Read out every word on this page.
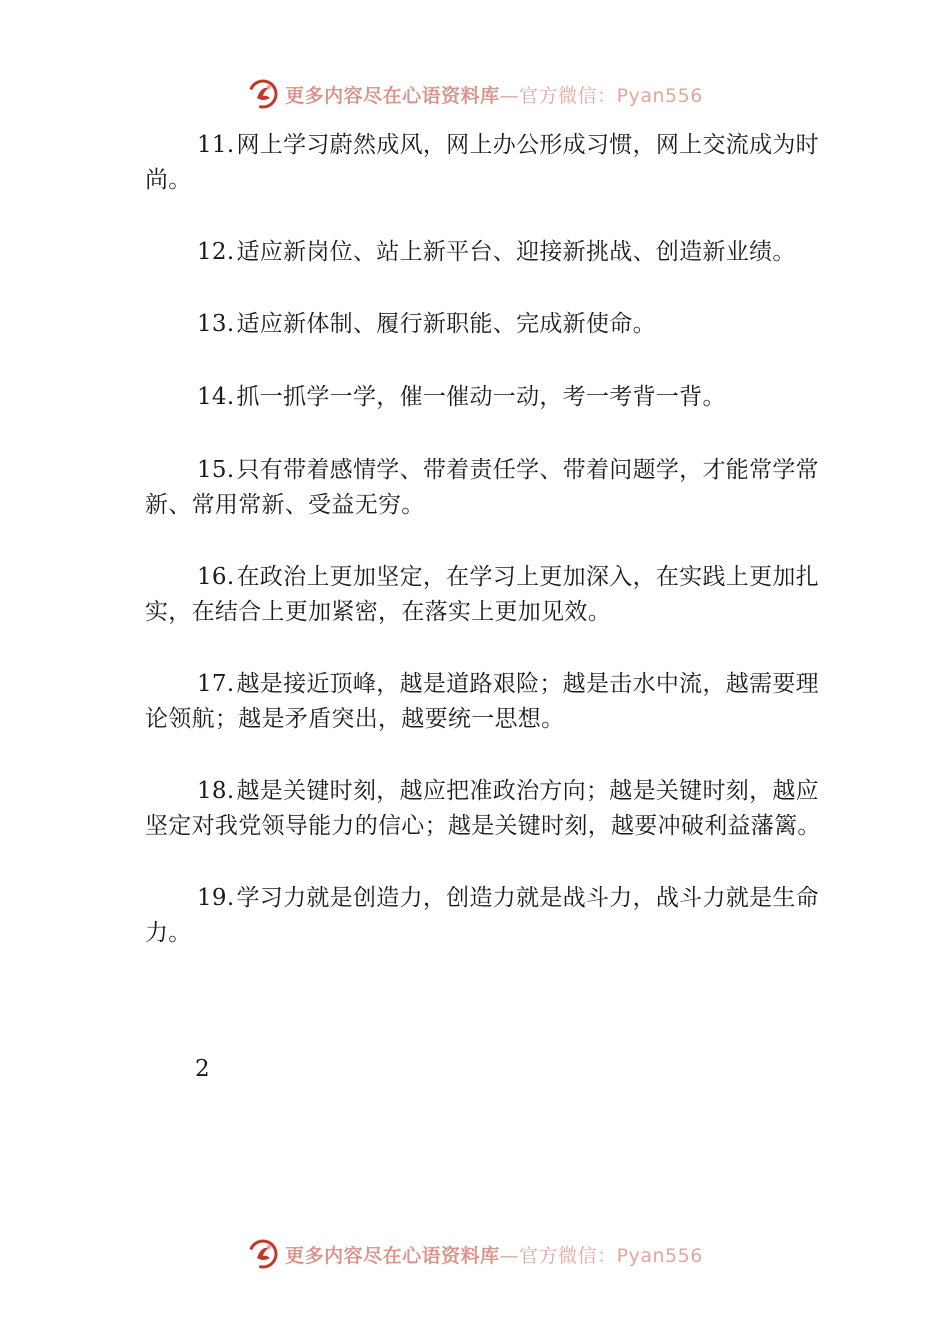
更多内容尽在心语资料库—官方微信：Pyan556

11.网上学习蔚然成风，网上办公形成习惯，网上交流成为时尚。

12.适应新岗位、站上新平台、迎接新挑战、创造新业绩。

13.适应新体制、履行新职能、完成新使命。

14.抓一抓学一学，催一催动一动，考一考背一背。

15.只有带着感情学、带着责任学、带着问题学，才能常学常新、常用常新、受益无穷。

16.在政治上更加坚定，在学习上更加深入，在实践上更加扎实，在结合上更加紧密，在落实上更加见效。

17.越是接近顶峰，越是道路艰险；越是击水中流，越需要理论领航；越是矛盾突出，越要统一思想。

18.越是关键时刻，越应把准政治方向；越是关键时刻，越应坚定对我党领导能力的信心；越是关键时刻，越要冲破利益藩篱。

19.学习力就是创造力，创造力就是战斗力，战斗力就是生命力。

2
更多内容尽在心语资料库—官方微信：Pyan556
